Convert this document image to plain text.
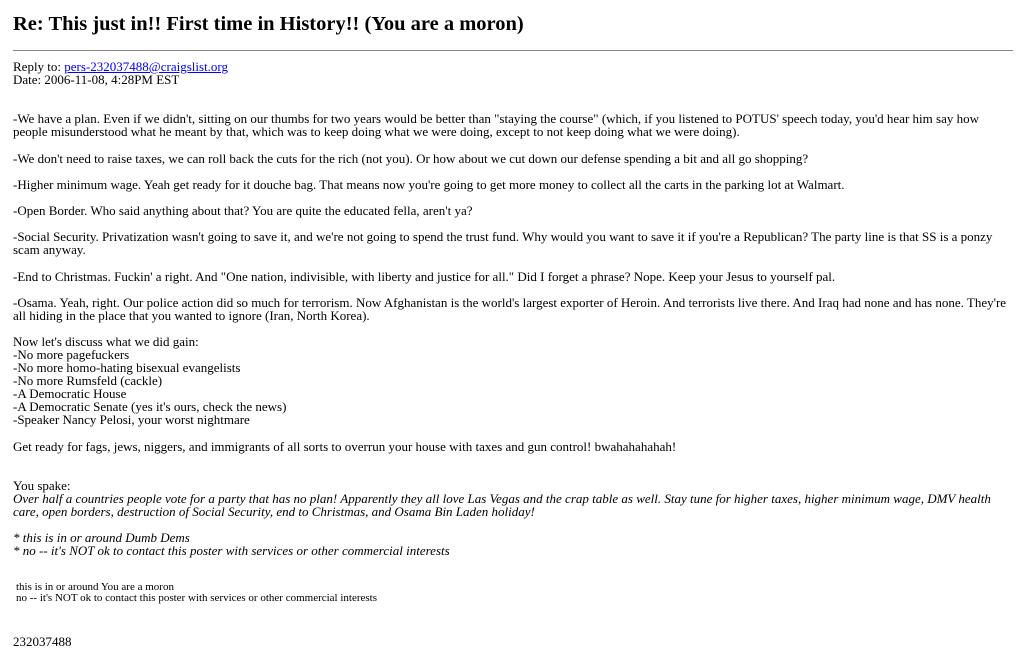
Re: This just in!! First time in History!! (You are a moron)
Reply to: pers-232037488@craigslist.org
Date: 2006-11-08, 4:28PM EST
-We have a plan. Even if we didn't, sitting on our thumbs for two years would be better than "staying the course" (which, if you listened to POTUS' speech today, you'd hear him say how people misunderstood what he meant by that, which was to keep doing what we were doing, except to not keep doing what we were doing).
-We don't need to raise taxes, we can roll back the cuts for the rich (not you). Or how about we cut down our defense spending a bit and all go shopping?
-Higher minimum wage. Yeah get ready for it douche bag. That means now you're going to get more money to collect all the carts in the parking lot at Walmart.
-Open Border. Who said anything about that? You are quite the educated fella, aren't ya?
-Social Security. Privatization wasn't going to save it, and we're not going to spend the trust fund. Why would you want to save it if you're a Republican? The party line is that SS is a ponzy scam anyway.
-End to Christmas. Fuckin' a right. And "One nation, indivisible, with liberty and justice for all." Did I forget a phrase? Nope. Keep your Jesus to yourself pal.
-Osama. Yeah, right. Our police action did so much for terrorism. Now Afghanistan is the world's largest exporter of Heroin. And terrorists live there. And Iraq had none and has none. They're all hiding in the place that you wanted to ignore (Iran, North Korea).
Now let's discuss what we did gain:
-No more pagefuckers
-No more homo-hating bisexual evangelists
-No more Rumsfeld (cackle)
-A Democratic House
-A Democratic Senate (yes it's ours, check the news)
-Speaker Nancy Pelosi, your worst nightmare
Get ready for fags, jews, niggers, and immigrants of all sorts to overrun your house with taxes and gun control! bwahahahahah!
You spake:
Over half a countries people vote for a party that has no plan! Apparently they all love Las Vegas and the crap table as well. Stay tune for higher taxes, higher minimum wage, DMV health care, open borders, destruction of Social Security, end to Christmas, and Osama Bin Laden holiday!
* this is in or around Dumb Dems
* no -- it's NOT ok to contact this poster with services or other commercial interests
this is in or around You are a moron
no -- it's NOT ok to contact this poster with services or other commercial interests
232037488
